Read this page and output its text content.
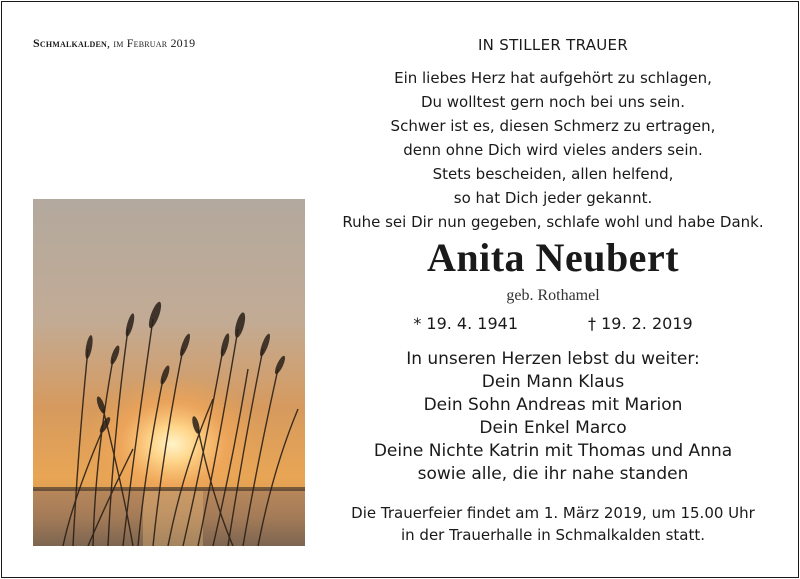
Schmalkalden, im Februar 2019	IN STILLER TRAUER
Ein liebes Herz hat aufgehört zu schlagen,
Du wolltest gern noch bei uns sein.
Schwer ist es, diesen Schmerz zu ertragen,
denn ohne Dich wird vieles anders sein.
Stets bescheiden, allen helfend,
so hat Dich jeder gekannt.
Ruhe sei Dir nun gegeben, schlafe wohl und habe Dank.
Anita Neubert
geb. Rothamel
* 19. 4. 1941	† 19. 2. 2019
In unseren Herzen lebst du weiter:
Dein Mann Klaus
Dein Sohn Andreas mit Marion
Dein Enkel Marco
Deine Nichte Katrin mit Thomas und Anna
sowie alle, die ihr nahe standen
Die Trauerfeier findet am 1. März 2019, um 15.00 Uhr
in der Trauerhalle in Schmalkalden statt.
